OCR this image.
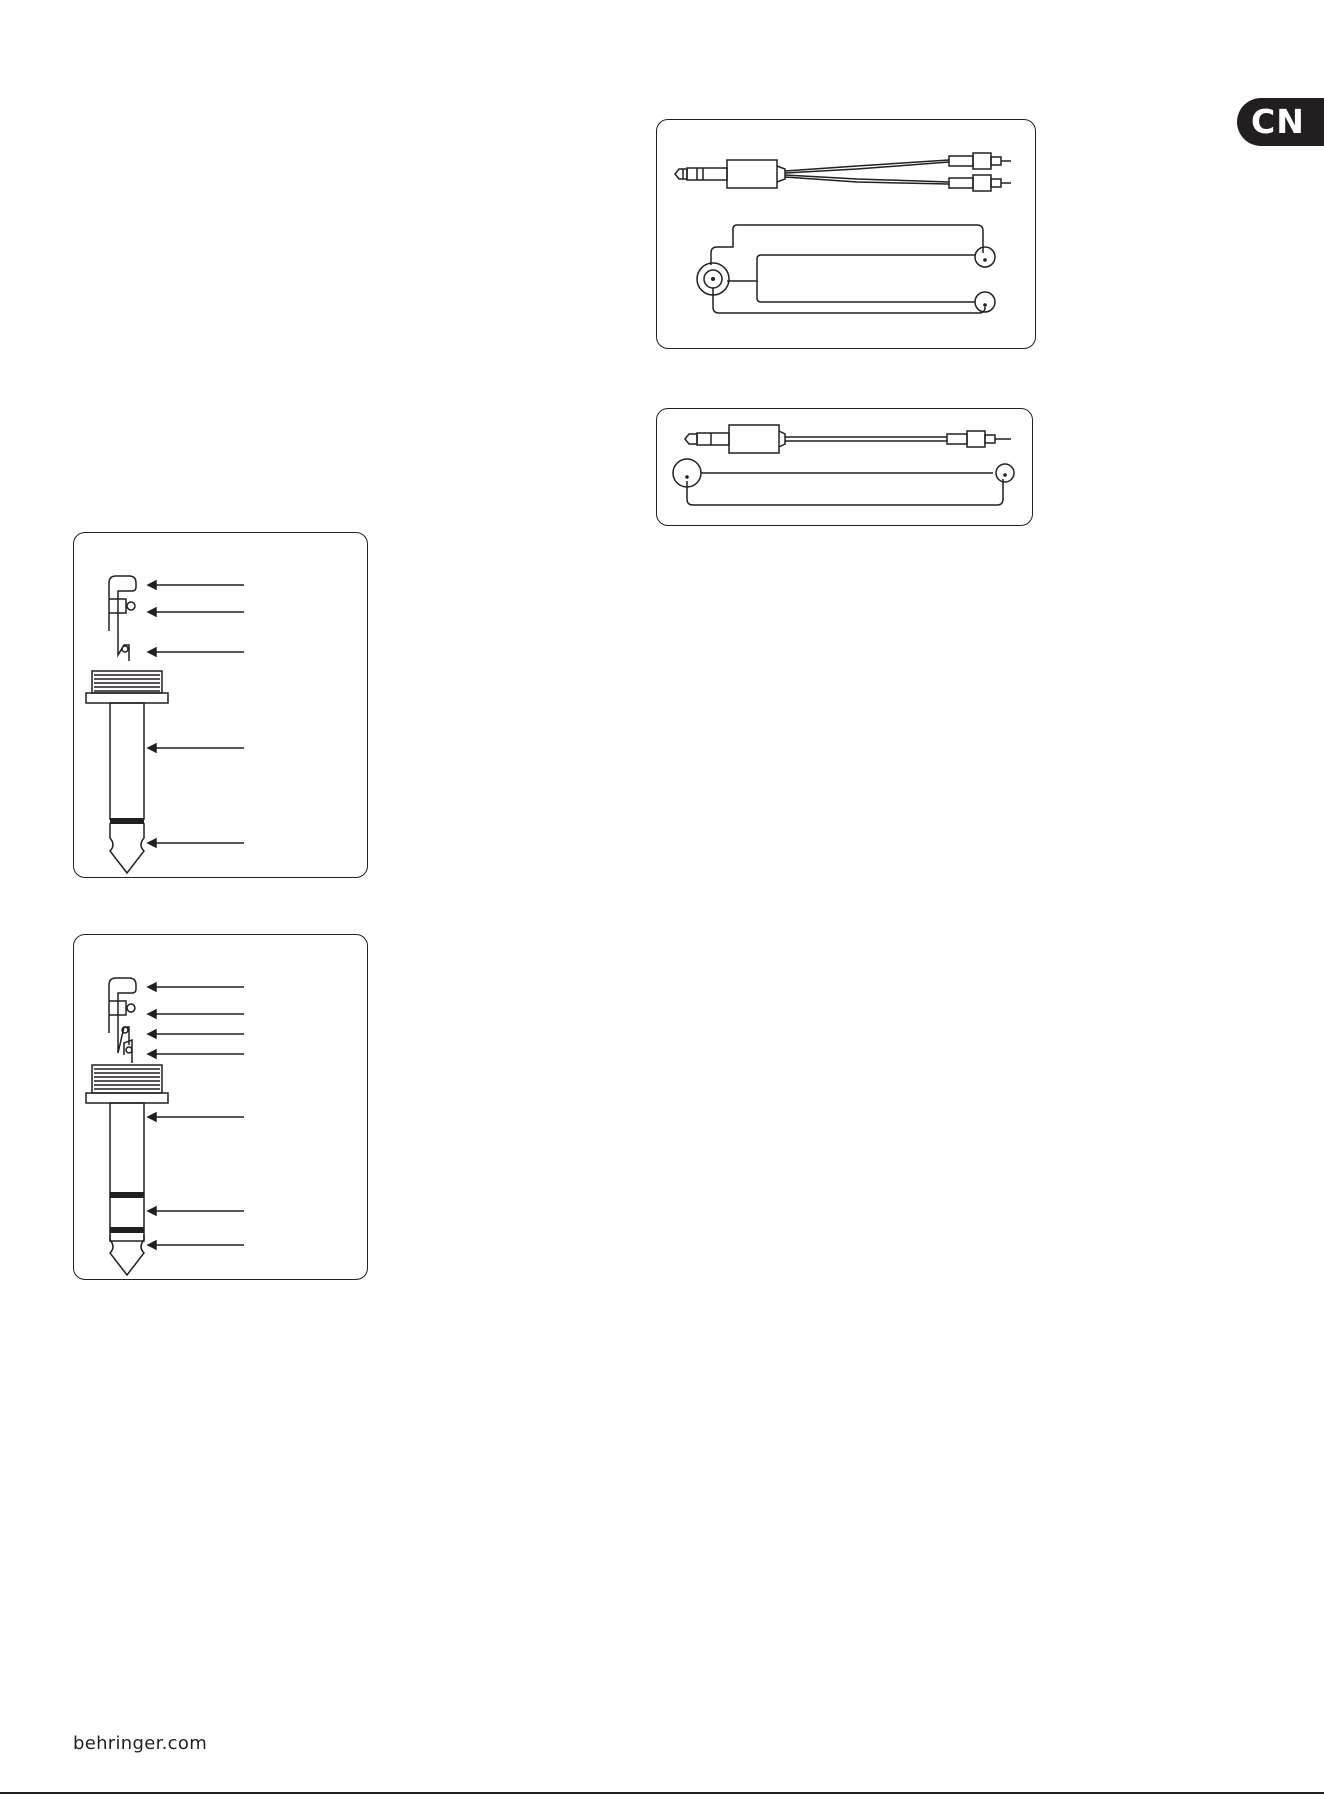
CN
behringer.com
